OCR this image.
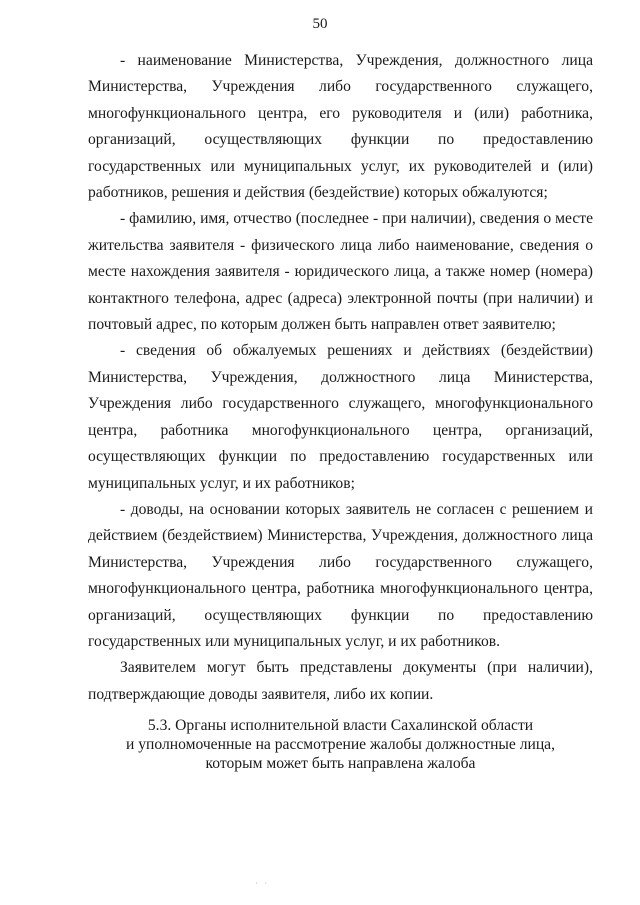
50

- наименование Министерства, Учреждения, должностного лица Министерства, Учреждения либо государственного служащего, многофункционального центра, его руководителя и (или) работника, организаций, осуществляющих функции по предоставлению государственных или муниципальных услуг, их руководителей и (или) работников, решения и действия (бездействие) которых обжалуются;

- фамилию, имя, отчество (последнее - при наличии), сведения о месте жительства заявителя - физического лица либо наименование, сведения о месте нахождения заявителя - юридического лица, а также номер (номера) контактного телефона, адрес (адреса) электронной почты (при наличии) и почтовый адрес, по которым должен быть направлен ответ заявителю;

- сведения об обжалуемых решениях и действиях (бездействии) Министерства, Учреждения, должностного лица Министерства, Учреждения либо государственного служащего, многофункционального центра, работника многофункционального центра, организаций, осуществляющих функции по предоставлению государственных или муниципальных услуг, и их работников;

- доводы, на основании которых заявитель не согласен с решением и действием (бездействием) Министерства, Учреждения, должностного лица Министерства, Учреждения либо государственного служащего, многофункционального центра, работника многофункционального центра, организаций, осуществляющих функции по предоставлению государственных или муниципальных услуг, и их работников.

Заявителем могут быть представлены документы (при наличии), подтверждающие доводы заявителя, либо их копии.

5.3. Органы исполнительной власти Сахалинской области
и уполномоченные на рассмотрение жалобы должностные лица,
которым может быть направлена жалоба
· ·
